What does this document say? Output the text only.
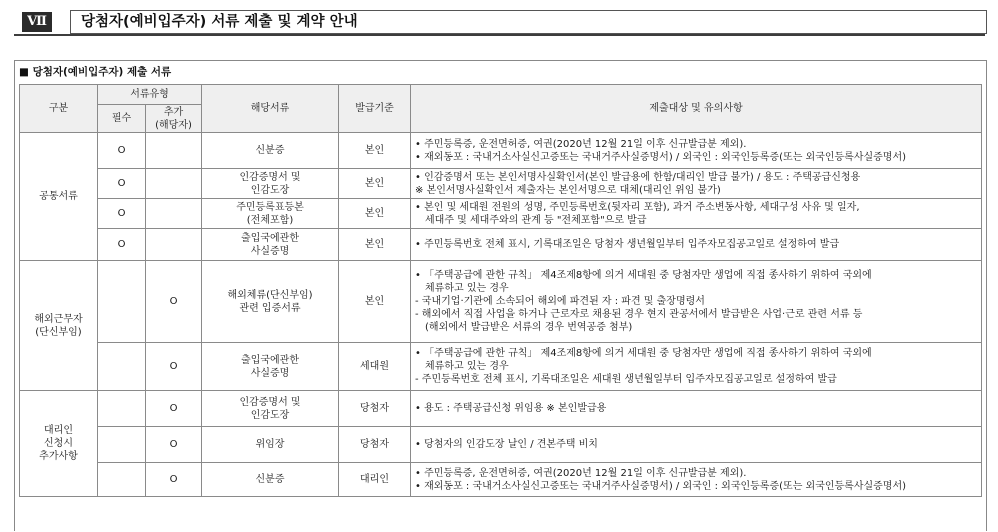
Ⅶ	당첨자(예비입주자) 서류 제출 및 계약 안내
■ 당첨자(예비입주자) 제출 서류
구분	서류유형		해당서류	발급기준	제출대상 및 유의사항
	필수	추가
(해당자)			

공통서류	O		신분증	본인	• 주민등록증, 운전면허증, 여권(2020년 12월 21일 이후 신규발급분 제외).
• 재외동포 : 국내거소사실신고증또는 국내거주사실증명서) / 외국인 : 외국인등록증(또는 외국인등록사실증명서)

	O		인감증명서 및
인감도장	본인	• 인감증명서 또는 본인서명사실확인서(본인 발급용에 한함/대리인 발급 불가) / 용도 : 주택공급신청용
※ 본인서명사실확인서 제출자는 본인서명으로 대체(대리인 위임 불가)

	O		주민등록표등본
(전체포함)	본인	• 본인 및 세대원 전원의 성명, 주민등록번호(뒷자리 포함), 과거 주소변동사항, 세대구성 사유 및 일자,
세대주 및 세대주와의 관계 등 "전체포함"으로 발급

	O		출입국에관한
사실증명	본인	• 주민등록번호 전체 표시, 기록대조일은 당첨자 생년월일부터 입주자모집공고일로 설정하여 발급

해외근무자
(단신부임)		O	해외체류(단신부임)
관련 입증서류	본인	• 「주택공급에 관한 규칙」 제4조제8항에 의거 세대원 중 당첨자만 생업에 직접 종사하기 위하여 국외에
체류하고 있는 경우
- 국내기업·기관에 소속되어 해외에 파견된 자 : 파견 및 출장명령서
- 해외에서 직접 사업을 하거나 근로자로 채용된 경우 현지 관공서에서 발급받은 사업·근로 관련 서류 등
(해외에서 발급받은 서류의 경우 번역공증 첨부)

		O	출입국에관한
사실증명	세대원	• 「주택공급에 관한 규칙」 제4조제8항에 의거 세대원 중 당첨자만 생업에 직접 종사하기 위하여 국외에
체류하고 있는 경우
- 주민등록번호 전체 표시, 기록대조일은 세대원 생년월일부터 입주자모집공고일로 설정하여 발급

대리인
신청시
추가사항		O	인감증명서 및
인감도장	당첨자	• 용도 : 주택공급신청 위임용 ※ 본인발급용

		O	위임장	당첨자	• 당첨자의 인감도장 날인 / 견본주택 비치

		O	신분증	대리인	• 주민등록증, 운전면허증, 여권(2020년 12월 21일 이후 신규발급분 제외).
• 재외동포 : 국내거소사실신고증또는 국내거주사실증명서) / 외국인 : 외국인등록증(또는 외국인등록사실증명서)
